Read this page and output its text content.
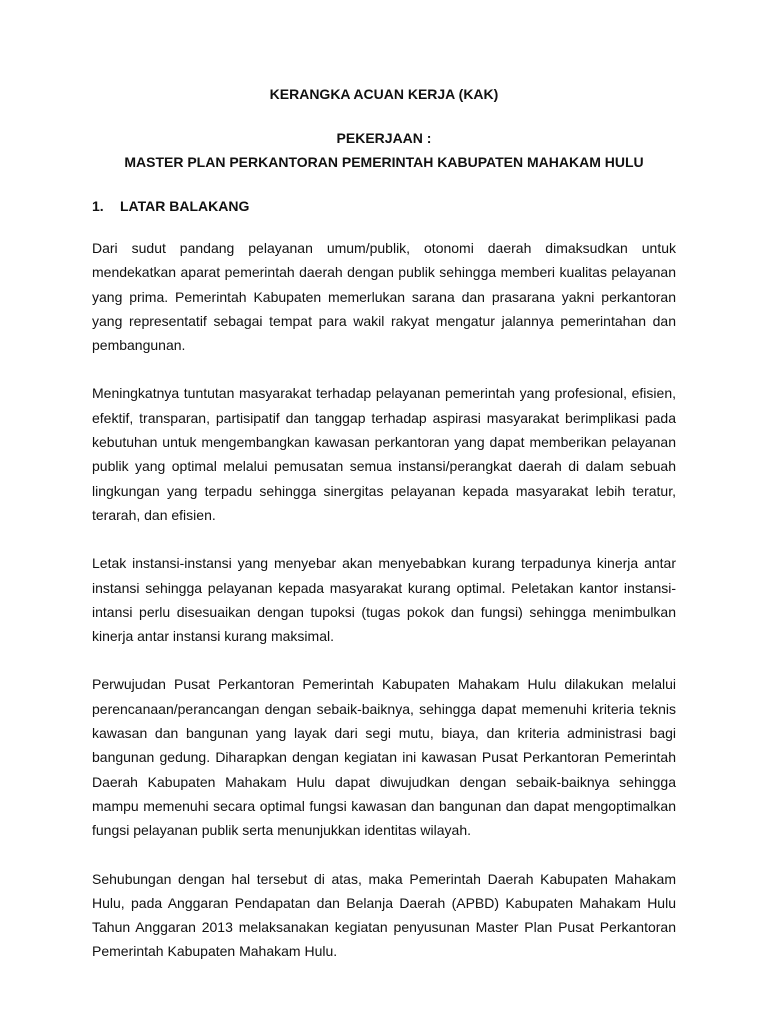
KERANGKA ACUAN KERJA (KAK)

PEKERJAAN :

MASTER PLAN PERKANTORAN PEMERINTAH KABUPATEN MAHAKAM HULU

1.	LATAR BALAKANG

Dari sudut pandang pelayanan umum/publik, otonomi daerah dimaksudkan untuk mendekatkan aparat pemerintah daerah dengan publik sehingga memberi kualitas pelayanan yang prima. Pemerintah Kabupaten memerlukan sarana dan prasarana yakni perkantoran yang representatif sebagai tempat para wakil rakyat mengatur jalannya pemerintahan dan pembangunan.

Meningkatnya tuntutan masyarakat terhadap pelayanan pemerintah yang profesional, efisien, efektif, transparan, partisipatif dan tanggap terhadap aspirasi masyarakat berimplikasi pada kebutuhan untuk mengembangkan kawasan perkantoran yang dapat memberikan pelayanan publik yang optimal melalui pemusatan semua instansi/perangkat daerah di dalam sebuah lingkungan yang terpadu sehingga sinergitas pelayanan kepada masyarakat lebih teratur, terarah, dan efisien.

Letak instansi-instansi yang menyebar akan menyebabkan kurang terpadunya kinerja antar instansi sehingga pelayanan kepada masyarakat kurang optimal. Peletakan kantor instansi-intansi perlu disesuaikan dengan tupoksi (tugas pokok dan fungsi) sehingga menimbulkan kinerja antar instansi kurang maksimal.

Perwujudan Pusat Perkantoran Pemerintah Kabupaten Mahakam Hulu dilakukan melalui perencanaan/perancangan dengan sebaik-baiknya, sehingga dapat memenuhi kriteria teknis kawasan dan bangunan yang layak dari segi mutu, biaya, dan kriteria administrasi bagi bangunan gedung. Diharapkan dengan kegiatan ini kawasan Pusat Perkantoran Pemerintah Daerah Kabupaten Mahakam Hulu dapat diwujudkan dengan sebaik-baiknya sehingga mampu memenuhi secara optimal fungsi kawasan dan bangunan dan dapat mengoptimalkan fungsi pelayanan publik serta menunjukkan identitas wilayah.

Sehubungan dengan hal tersebut di atas, maka Pemerintah Daerah Kabupaten Mahakam Hulu, pada Anggaran Pendapatan dan Belanja Daerah (APBD) Kabupaten Mahakam Hulu Tahun Anggaran 2013 melaksanakan kegiatan penyusunan Master Plan Pusat Perkantoran Pemerintah Kabupaten Mahakam Hulu.
